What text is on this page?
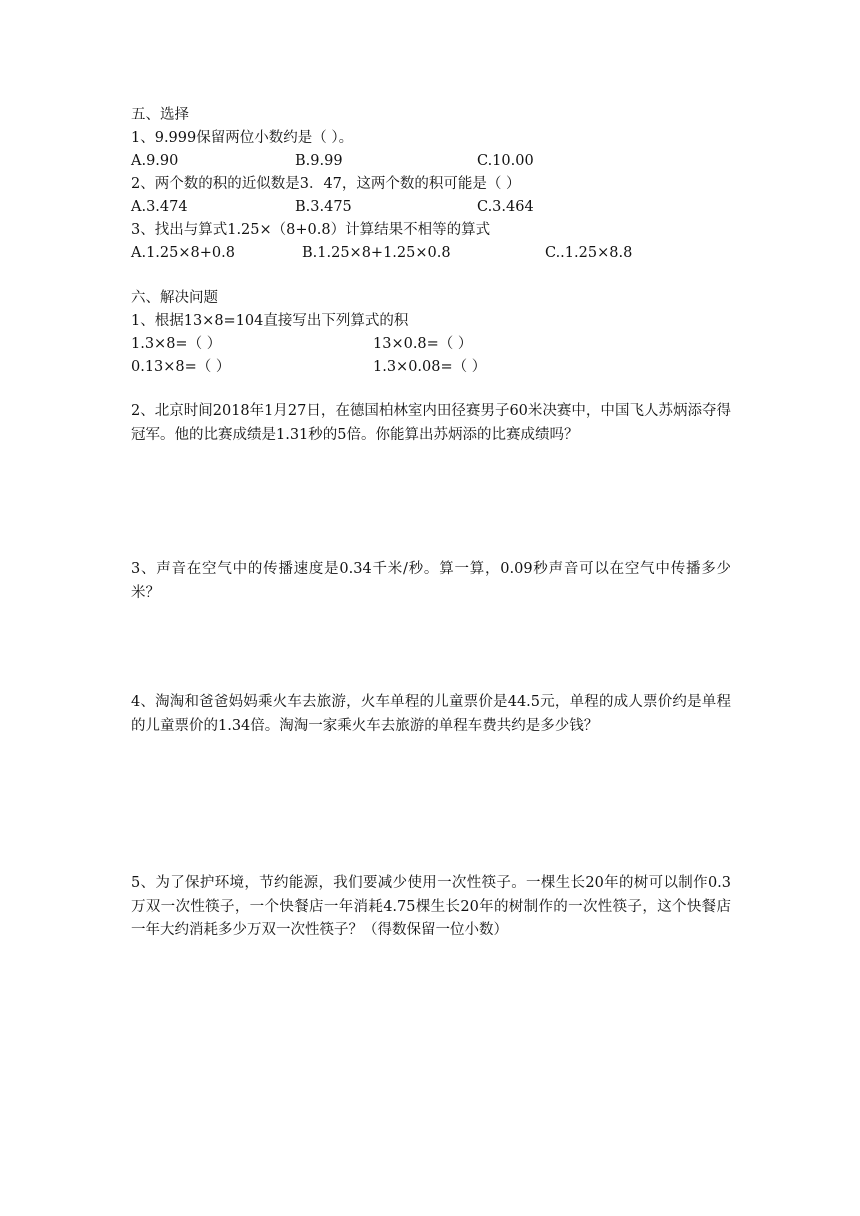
五、选择
1、9.999保留两位小数约是（ ）。
A.9.90	B.9.99	C.10.00
2、两个数的积的近似数是3．47，这两个数的积可能是（ ）
A.3.474	B.3.475	C.3.464
3、找出与算式1.25×（8+0.8）计算结果不相等的算式
A.1.25×8+0.8	B.1.25×8+1.25×0.8	C..1.25×8.8
六、解决问题
1、根据13×8=104直接写出下列算式的积
1.3×8=（ ）	13×0.8=（ ）
0.13×8=（ ）	1.3×0.08=（ ）
2、北京时间2018年1月27日，在德国柏林室内田径赛男子60米决赛中，中国飞人苏炳添夺得冠军。他的比赛成绩是1.31秒的5倍。你能算出苏炳添的比赛成绩吗？
3、声音在空气中的传播速度是0.34千米/秒。算一算，0.09秒声音可以在空气中传播多少米？
4、淘淘和爸爸妈妈乘火车去旅游，火车单程的儿童票价是44.5元，单程的成人票价约是单程的儿童票价的1.34倍。淘淘一家乘火车去旅游的单程车费共约是多少钱？
5、为了保护环境，节约能源，我们要减少使用一次性筷子。一棵生长20年的树可以制作0.3万双一次性筷子，一个快餐店一年消耗4.75棵生长20年的树制作的一次性筷子，这个快餐店一年大约消耗多少万双一次性筷子？（得数保留一位小数）
